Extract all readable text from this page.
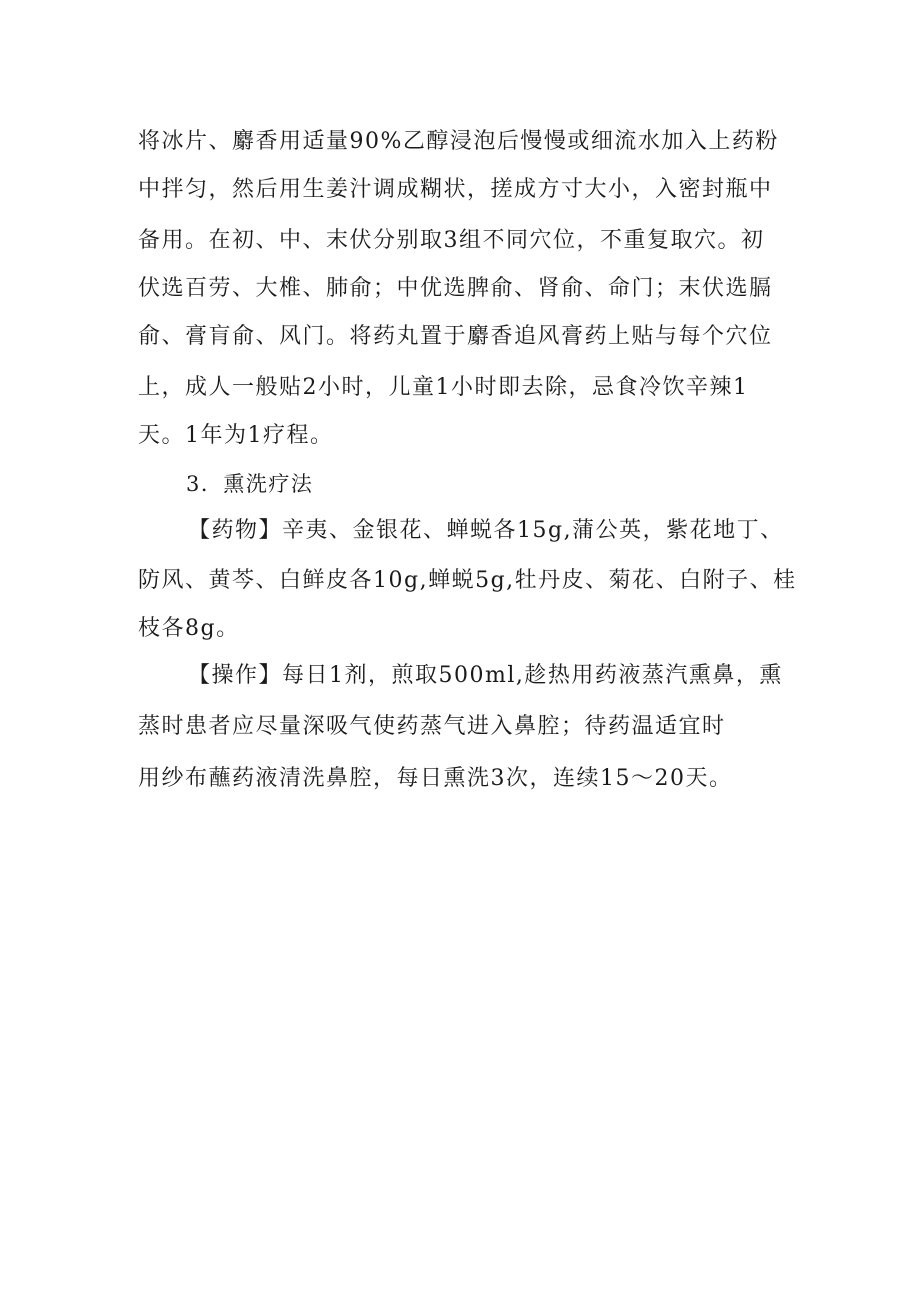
将冰片、麝香用适量90%乙醇浸泡后慢慢或细流水加入上药粉
中拌匀，然后用生姜汁调成糊状，搓成方寸大小，入密封瓶中
备用。在初、中、末伏分别取3组不同穴位，不重复取穴。初
伏选百劳、大椎、肺俞；中优选脾俞、肾俞、命门；末伏选膈
俞、膏肓俞、风门。将药丸置于麝香追风膏药上贴与每个穴位
上，成人一般贴2小时，儿童1小时即去除，忌食冷饮辛辣1
天。1年为1疗程。
3．熏洗疗法
【药物】辛夷、金银花、蝉蜕各15g,蒲公英，紫花地丁、
防风、黄芩、白鲜皮各10g,蝉蜕5g,牡丹皮、菊花、白附子、桂
枝各8g。
【操作】每日1剂，煎取500ml,趁热用药液蒸汽熏鼻，熏
蒸时患者应尽量深吸气使药蒸气进入鼻腔；待药温适宜时
用纱布蘸药液清洗鼻腔，每日熏洗3次，连续15〜20天。
